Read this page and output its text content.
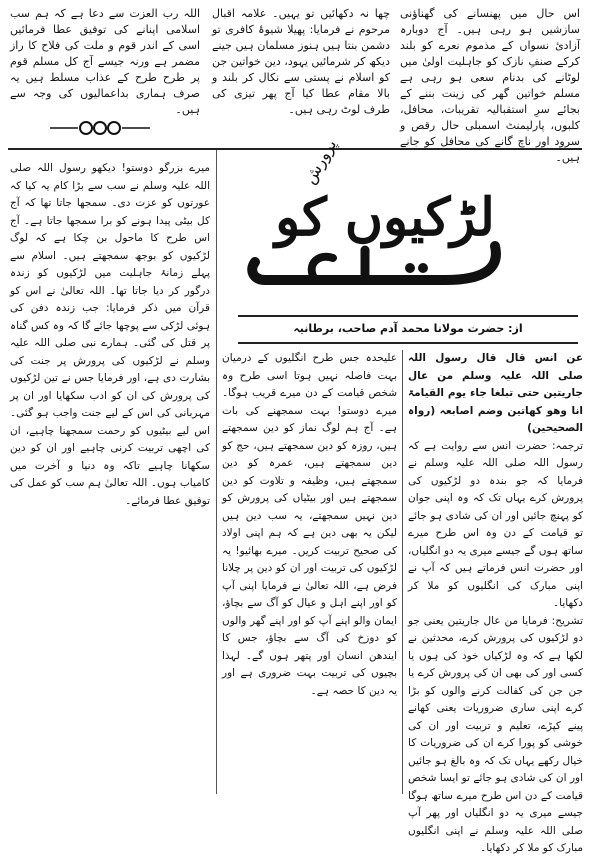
اس حال میں پھنسانے کی گھناؤنی سازشیں ہو رہی ہیں۔ آج دوبارہ آزادیٔ نسواں کے مذموم نعرے کو بلند کرکے صنفِ نازک کو جاہلیت اولیٰ میں لوٹانے کی بدنام سعی ہو رہی ہے مسلم خواتین گھر کی زینت بننے کے بجائے سرِ استقبالیہ تقریبات، محافل، کلبوں، پارلیمنٹ اسمبلی حال رقص و سرود اور ناچ گانے کی محافل کو جانے ہیں۔

چھا نہ دکھائیں تو یہیں۔ علامہ اقبال مرحوم نے فرمایا: پھیلا شیوۂ کافری تو دشمن بنتا ہیں ہنوز مسلمان ہیں جینے دیکھ کر شرمائیں یہود، دین خواتین جن کو اسلام نے پستی سے نکال کر بلند و بالا مقام عطا کیا آج پھر تیزی کی طرف لوٹ رہی ہیں۔

اللہ رب العزت سے دعا ہے کہ ہم سب اسلامی اپنانے کی توفیق عطا فرمائیں اسی کے اندر قوم و ملت کی فلاح کا راز مضمر ہے ورنہ جیسے آج کل مسلم قوم پر طرح طرح کے عذاب مسلط ہیں یہ صرف ہماری بداعمالیوں کی وجہ سے ہیں۔

لڑکیوں کو
پرورش
از: حضرت مولانا محمد آدم صاحب، برطانیہ

عن انس قال قال رسول اللہ صلی اللہ علیہ وسلم من عال جاریتین حتی تبلغا جاء یوم القیامۃ انا وھو کھاتین وضم اصابعہ (رواہ الصحیحین)

ترجمہ: حضرت انس سے روایت ہے کہ رسول اللہ صلی اللہ علیہ وسلم نے فرمایا کہ جو بندہ دو لڑکیوں کی پرورش کرے یہاں تک کہ وہ اپنی جوان کو پہنچ جائیں اور ان کی شادی ہو جائے تو قیامت کے دن وہ اس طرح میرے ساتھ ہوں گے جیسے میری یہ دو انگلیاں، اور حضرت انس فرماتے ہیں کہ آپ نے اپنی مبارک کی انگلیوں کو ملا کر دکھایا۔

تشریح: فرمایا من عال جاریتین یعنی جو دو لڑکیوں کی پرورش کرے، محدثین نے لکھا ہے کہ وہ لڑکیاں خود کی ہوں یا کسی اور کی بھی ان کی پرورش کرے یا جن جن کی کفالت کرنے والوں کو بڑا کرے اپنی ساری ضروریات یعنی کھانے پینے کپڑے، تعلیم و تربیت اور ان کی خوشی کو پورا کرے ان کی ضروریات کا خیال رکھے یہاں تک کہ وہ بالغ ہو جائیں اور ان کی شادی ہو جائے تو ایسا شخص قیامت کے دن اس طرح میرے ساتھ ہوگا جیسے میری یہ دو انگلیاں اور پھر آپ صلی اللہ علیہ وسلم نے اپنی انگلیوں مبارک کو ملا کر دکھایا۔

علیحدہ جس طرح انگلیوں کے درمیان بہت فاصلہ نہیں ہوتا اسی طرح وہ شخص قیامت کے دن میرے قریب ہوگا۔ میرے دوستو! بہت سمجھنے کی بات ہے۔ آج ہم لوگ نماز کو دین سمجھتے ہیں، روزہ کو دین سمجھتے ہیں، حج کو دین سمجھتے ہیں، عمرہ کو دین سمجھتے ہیں، وظیفہ و تلاوت کو دین سمجھتے ہیں اور بیٹیاں کی پرورش کو دین نہیں سمجھتے، یہ سب دین ہیں لیکن یہ بھی دین ہے کہ ہم اپنی اولاد کی صحیح تربیت کریں۔ میرے بھائیو! یہ لڑکیوں کی تربیت اور ان کو دین پر چلانا فرض ہے، اللہ تعالیٰ نے فرمایا اپنی آپ کو اور اپنے اہل و عیال کو آگ سے بچاؤ، ایمان والو اپنے آپ کو اور اپنے گھر والوں کو دوزخ کی آگ سے بچاؤ، جس کا ایندھن انسان اور پتھر ہوں گے۔ لہذا بچیوں کی تربیت بہت ضروری ہے اور یہ دین کا حصہ ہے۔

میرے بزرگو دوستو! دیکھو رسول اللہ صلی اللہ علیہ وسلم نے سب سے بڑا کام یہ کیا کہ عورتوں کو عزت دی۔ سمجھا جاتا تھا کہ آج کل بیٹی پیدا ہونے کو برا سمجھا جاتا ہے۔ آج اس طرح کا ماحول بن چکا ہے کہ لوگ لڑکیوں کو بوجھ سمجھتے ہیں۔ اسلام سے پہلے زمانۂ جاہلیت میں لڑکیوں کو زندہ درگور کر دیا جاتا تھا۔ اللہ تعالیٰ نے اس کو قرآن میں ذکر فرمایا: جب زندہ دفن کی ہوئی لڑکی سے پوچھا جائے گا کہ وہ کس گناہ پر قتل کی گئی۔ ہمارے نبی صلی اللہ علیہ وسلم نے لڑکیوں کی پرورش پر جنت کی بشارت دی ہے، اور فرمایا جس نے تین لڑکیوں کی پرورش کی ان کو ادب سکھایا اور ان پر مہربانی کی اس کے لیے جنت واجب ہو گئی۔ اس لیے بیٹیوں کو رحمت سمجھنا چاہیے، ان کی اچھی تربیت کرنی چاہیے اور ان کو دین سکھانا چاہیے تاکہ وہ دنیا و آخرت میں کامیاب ہوں۔ اللہ تعالیٰ ہم سب کو عمل کی توفیق عطا فرمائے۔
